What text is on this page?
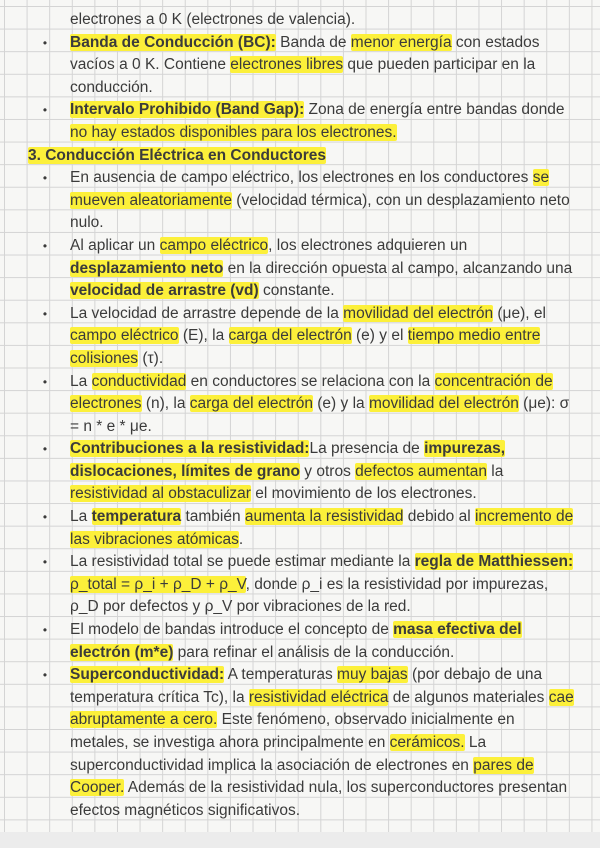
electrones a 0 K (electrones de valencia).
• Banda de Conducción (BC): Banda de menor energía con estados vacíos a 0 K. Contiene electrones libres que pueden participar en la conducción.
• Intervalo Prohibido (Band Gap): Zona de energía entre bandas donde no hay estados disponibles para los electrones.
3. Conducción Eléctrica en Conductores
• En ausencia de campo eléctrico, los electrones en los conductores se mueven aleatoriamente (velocidad térmica), con un desplazamiento neto nulo.
• Al aplicar un campo eléctrico, los electrones adquieren un desplazamiento neto en la dirección opuesta al campo, alcanzando una velocidad de arrastre (vd) constante.
• La velocidad de arrastre depende de la movilidad del electrón (μe), el campo eléctrico (E), la carga del electrón (e) y el tiempo medio entre colisiones (τ).
• La conductividad en conductores se relaciona con la concentración de electrones (n), la carga del electrón (e) y la movilidad del electrón (μe): σ = n * e * μe.
• Contribuciones a la resistividad:La presencia de impurezas, dislocaciones, límites de grano y otros defectos aumentan la resistividad al obstaculizar el movimiento de los electrones.
• La temperatura también aumenta la resistividad debido al incremento de las vibraciones atómicas.
• La resistividad total se puede estimar mediante la regla de Matthiessen: ρ_total = ρ_i + ρ_D + ρ_V, donde ρ_i es la resistividad por impurezas, ρ_D por defectos y ρ_V por vibraciones de la red.
• El modelo de bandas introduce el concepto de masa efectiva del electrón (m*e) para refinar el análisis de la conducción.
• Superconductividad: A temperaturas muy bajas (por debajo de una temperatura crítica Tc), la resistividad eléctrica de algunos materiales cae abruptamente a cero. Este fenómeno, observado inicialmente en metales, se investiga ahora principalmente en cerámicos. La superconductividad implica la asociación de electrones en pares de Cooper. Además de la resistividad nula, los superconductores presentan efectos magnéticos significativos.
